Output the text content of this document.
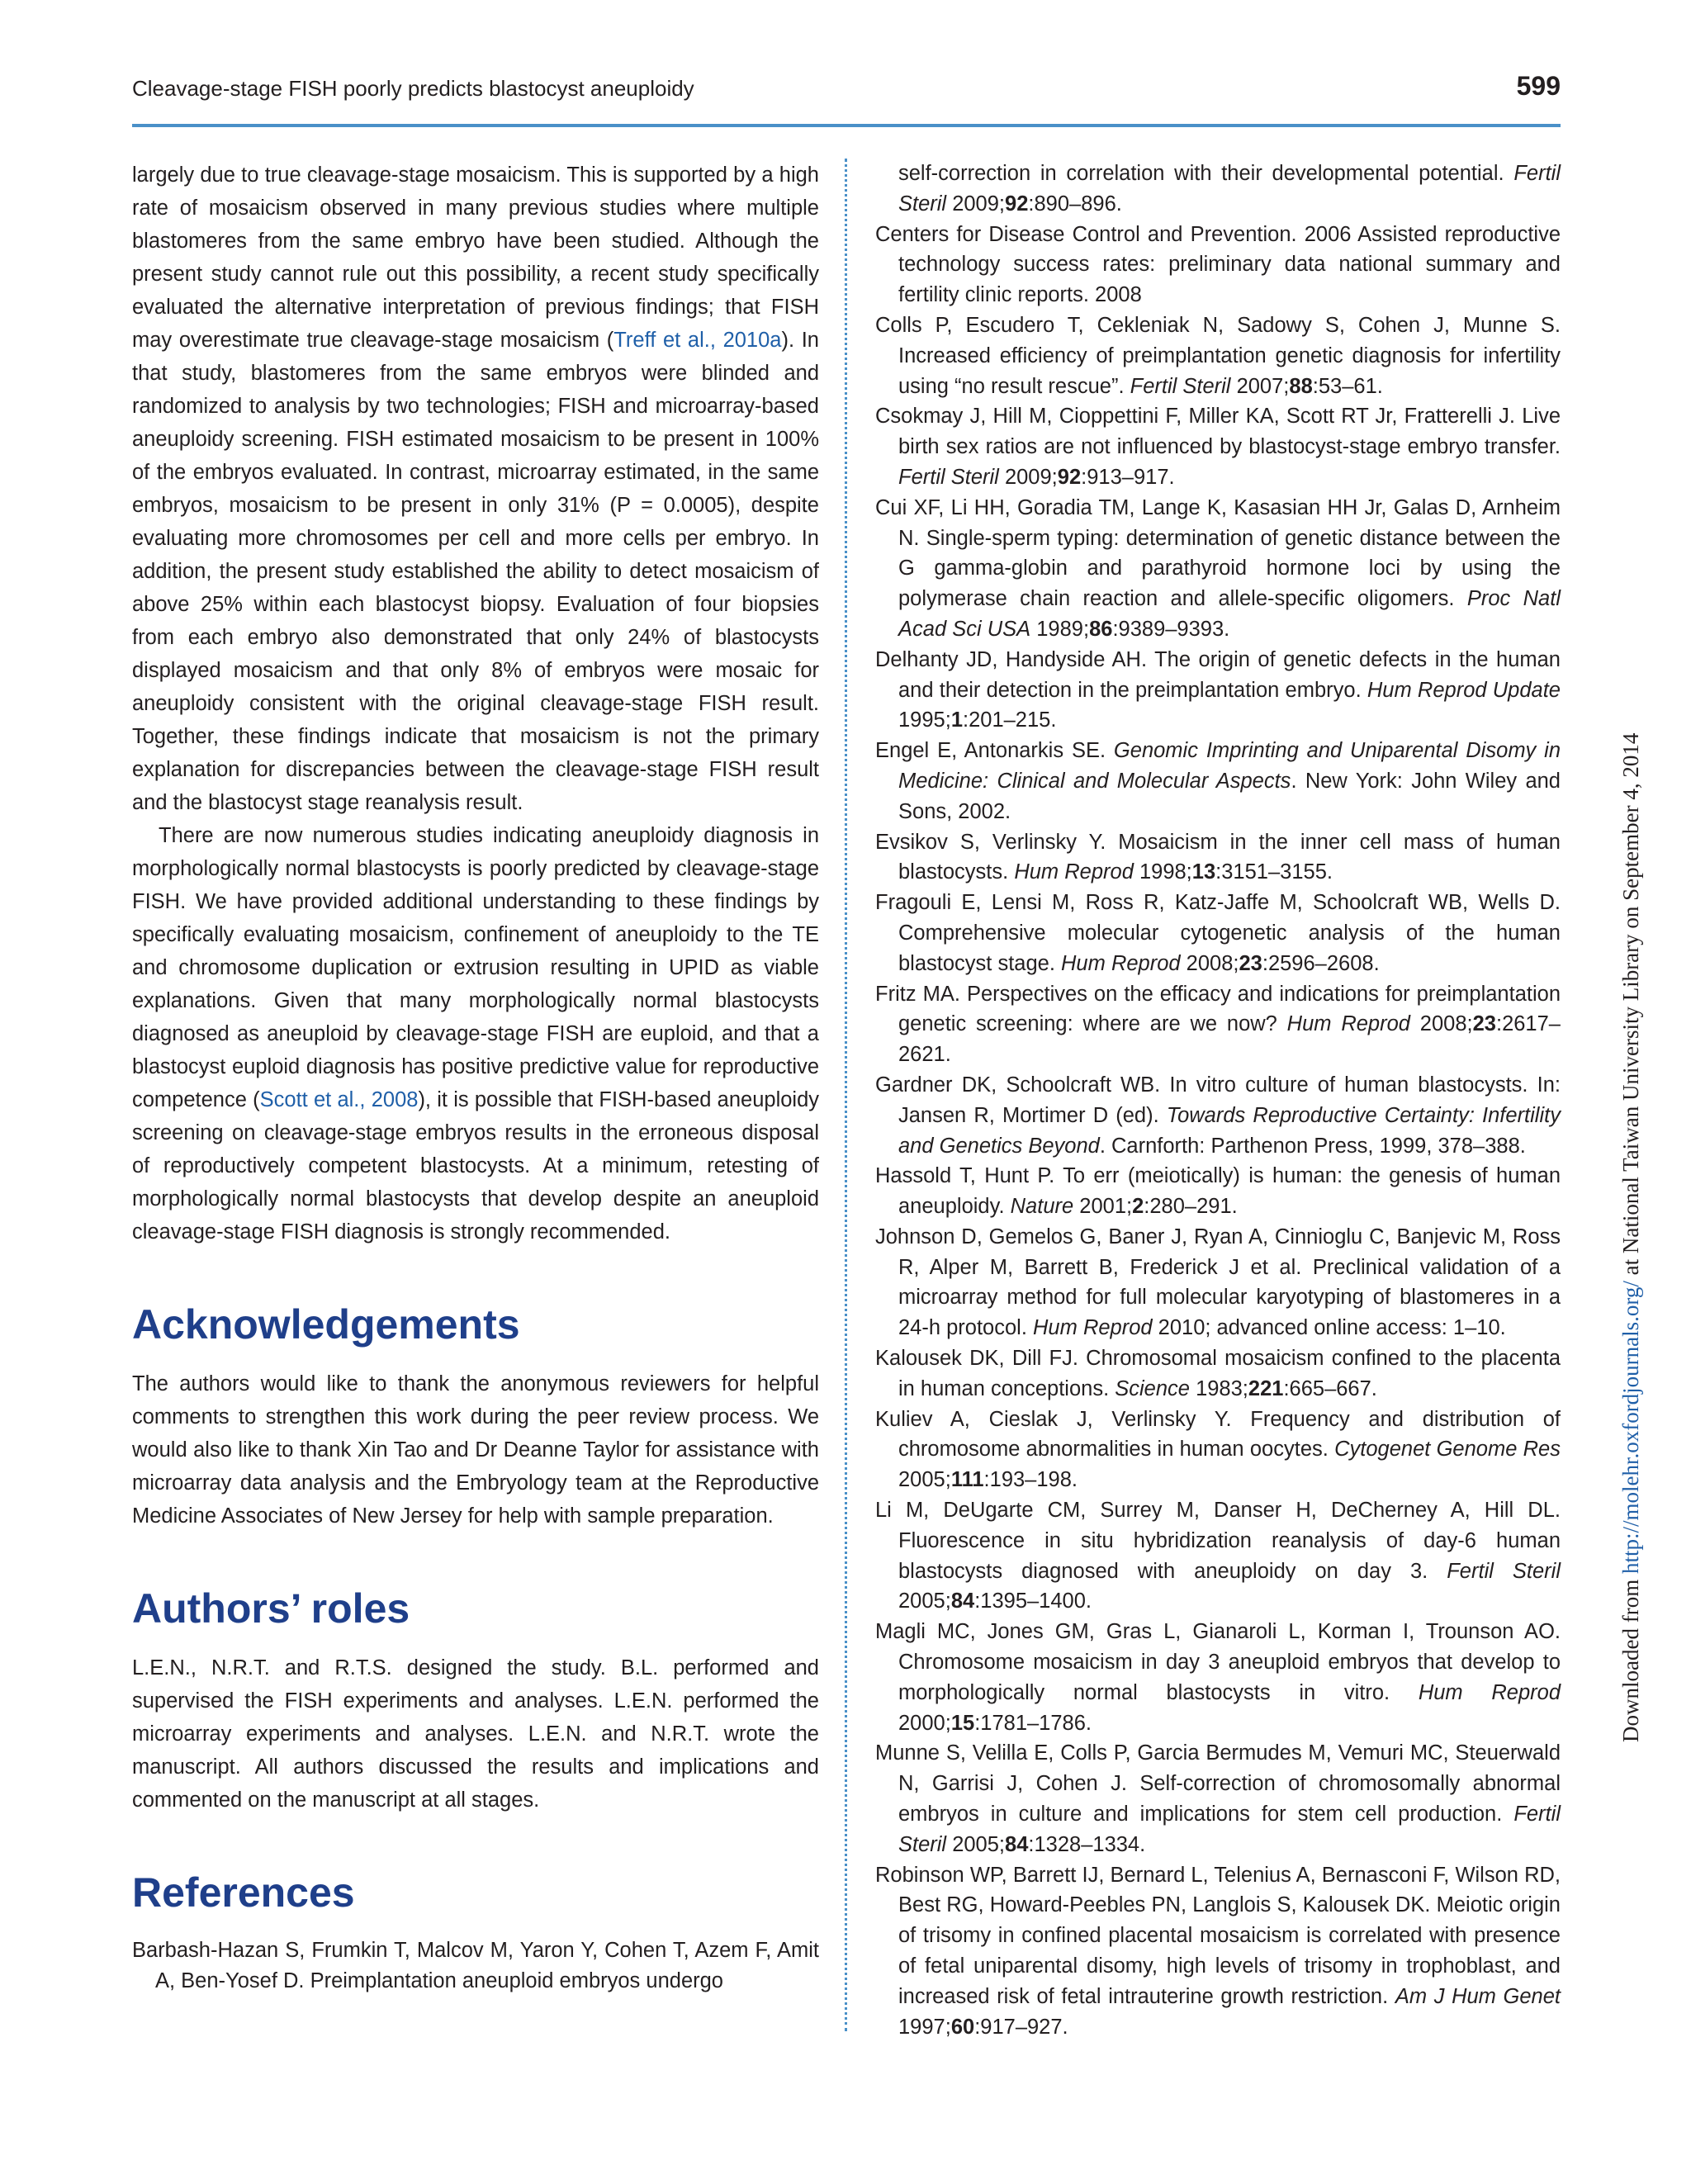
Cleavage-stage FISH poorly predicts blastocyst aneuploidy	599

largely due to true cleavage-stage mosaicism. This is supported by a high rate of mosaicism observed in many previous studies where multiple blastomeres from the same embryo have been studied. Although the present study cannot rule out this possibility, a recent study specifically evaluated the alternative interpretation of previous findings; that FISH may overestimate true cleavage-stage mosaicism (Treff et al., 2010a). In that study, blastomeres from the same embryos were blinded and randomized to analysis by two technologies; FISH and microarray-based aneuploidy screening. FISH estimated mosaicism to be present in 100% of the embryos evaluated. In contrast, microarray estimated, in the same embryos, mosaicism to be present in only 31% (P = 0.0005), despite evaluating more chromosomes per cell and more cells per embryo. In addition, the present study established the ability to detect mosaicism of above 25% within each blastocyst biopsy. Evaluation of four biopsies from each embryo also demonstrated that only 24% of blastocysts displayed mosaicism and that only 8% of embryos were mosaic for aneuploidy consistent with the original cleavage-stage FISH result. Together, these findings indicate that mosaicism is not the primary explanation for discrepancies between the cleavage-stage FISH result and the blastocyst stage reanalysis result.

There are now numerous studies indicating aneuploidy diagnosis in morphologically normal blastocysts is poorly predicted by cleavage-stage FISH. We have provided additional understanding to these findings by specifically evaluating mosaicism, confinement of aneuploidy to the TE and chromosome duplication or extrusion resulting in UPID as viable explanations. Given that many morphologically normal blastocysts diagnosed as aneuploid by cleavage-stage FISH are euploid, and that a blastocyst euploid diagnosis has positive predictive value for reproductive competence (Scott et al., 2008), it is possible that FISH-based aneuploidy screening on cleavage-stage embryos results in the erroneous disposal of reproductively competent blastocysts. At a minimum, retesting of morphologically normal blastocysts that develop despite an aneuploid cleavage-stage FISH diagnosis is strongly recommended.

Acknowledgements

The authors would like to thank the anonymous reviewers for helpful comments to strengthen this work during the peer review process. We would also like to thank Xin Tao and Dr Deanne Taylor for assistance with microarray data analysis and the Embryology team at the Reproductive Medicine Associates of New Jersey for help with sample preparation.

Authors’ roles

L.E.N., N.R.T. and R.T.S. designed the study. B.L. performed and supervised the FISH experiments and analyses. L.E.N. performed the microarray experiments and analyses. L.E.N. and N.R.T. wrote the manuscript. All authors discussed the results and implications and commented on the manuscript at all stages.

References

Barbash-Hazan S, Frumkin T, Malcov M, Yaron Y, Cohen T, Azem F, Amit A, Ben-Yosef D. Preimplantation aneuploid embryos undergo

self-correction in correlation with their developmental potential. Fertil Steril 2009;92:890–896.

Centers for Disease Control and Prevention. 2006 Assisted reproductive technology success rates: preliminary data national summary and fertility clinic reports. 2008

Colls P, Escudero T, Cekleniak N, Sadowy S, Cohen J, Munne S. Increased efficiency of preimplantation genetic diagnosis for infertility using “no result rescue”. Fertil Steril 2007;88:53–61.

Csokmay J, Hill M, Cioppettini F, Miller KA, Scott RT Jr, Fratterelli J. Live birth sex ratios are not influenced by blastocyst-stage embryo transfer. Fertil Steril 2009;92:913–917.

Cui XF, Li HH, Goradia TM, Lange K, Kasasian HH Jr, Galas D, Arnheim N. Single-sperm typing: determination of genetic distance between the G gamma-globin and parathyroid hormone loci by using the polymerase chain reaction and allele-specific oligomers. Proc Natl Acad Sci USA 1989;86:9389–9393.

Delhanty JD, Handyside AH. The origin of genetic defects in the human and their detection in the preimplantation embryo. Hum Reprod Update 1995;1:201–215.

Engel E, Antonarkis SE. Genomic Imprinting and Uniparental Disomy in Medicine: Clinical and Molecular Aspects. New York: John Wiley and Sons, 2002.

Evsikov S, Verlinsky Y. Mosaicism in the inner cell mass of human blastocysts. Hum Reprod 1998;13:3151–3155.

Fragouli E, Lensi M, Ross R, Katz-Jaffe M, Schoolcraft WB, Wells D. Comprehensive molecular cytogenetic analysis of the human blastocyst stage. Hum Reprod 2008;23:2596–2608.

Fritz MA. Perspectives on the efficacy and indications for preimplantation genetic screening: where are we now? Hum Reprod 2008;23:2617–2621.

Gardner DK, Schoolcraft WB. In vitro culture of human blastocysts. In: Jansen R, Mortimer D (ed). Towards Reproductive Certainty: Infertility and Genetics Beyond. Carnforth: Parthenon Press, 1999, 378–388.

Hassold T, Hunt P. To err (meiotically) is human: the genesis of human aneuploidy. Nature 2001;2:280–291.

Johnson D, Gemelos G, Baner J, Ryan A, Cinnioglu C, Banjevic M, Ross R, Alper M, Barrett B, Frederick J et al. Preclinical validation of a microarray method for full molecular karyotyping of blastomeres in a 24-h protocol. Hum Reprod 2010; advanced online access: 1–10.

Kalousek DK, Dill FJ. Chromosomal mosaicism confined to the placenta in human conceptions. Science 1983;221:665–667.

Kuliev A, Cieslak J, Verlinsky Y. Frequency and distribution of chromosome abnormalities in human oocytes. Cytogenet Genome Res 2005;111:193–198.

Li M, DeUgarte CM, Surrey M, Danser H, DeCherney A, Hill DL. Fluorescence in situ hybridization reanalysis of day-6 human blastocysts diagnosed with aneuploidy on day 3. Fertil Steril 2005;84:1395–1400.

Magli MC, Jones GM, Gras L, Gianaroli L, Korman I, Trounson AO. Chromosome mosaicism in day 3 aneuploid embryos that develop to morphologically normal blastocysts in vitro. Hum Reprod 2000;15:1781–1786.

Munne S, Velilla E, Colls P, Garcia Bermudes M, Vemuri MC, Steuerwald N, Garrisi J, Cohen J. Self-correction of chromosomally abnormal embryos in culture and implications for stem cell production. Fertil Steril 2005;84:1328–1334.

Robinson WP, Barrett IJ, Bernard L, Telenius A, Bernasconi F, Wilson RD, Best RG, Howard-Peebles PN, Langlois S, Kalousek DK. Meiotic origin of trisomy in confined placental mosaicism is correlated with presence of fetal uniparental disomy, high levels of trisomy in trophoblast, and increased risk of fetal intrauterine growth restriction. Am J Hum Genet 1997;60:917–927.

Downloaded from http://molehr.oxfordjournals.org/ at National Taiwan University Library on September 4, 2014
